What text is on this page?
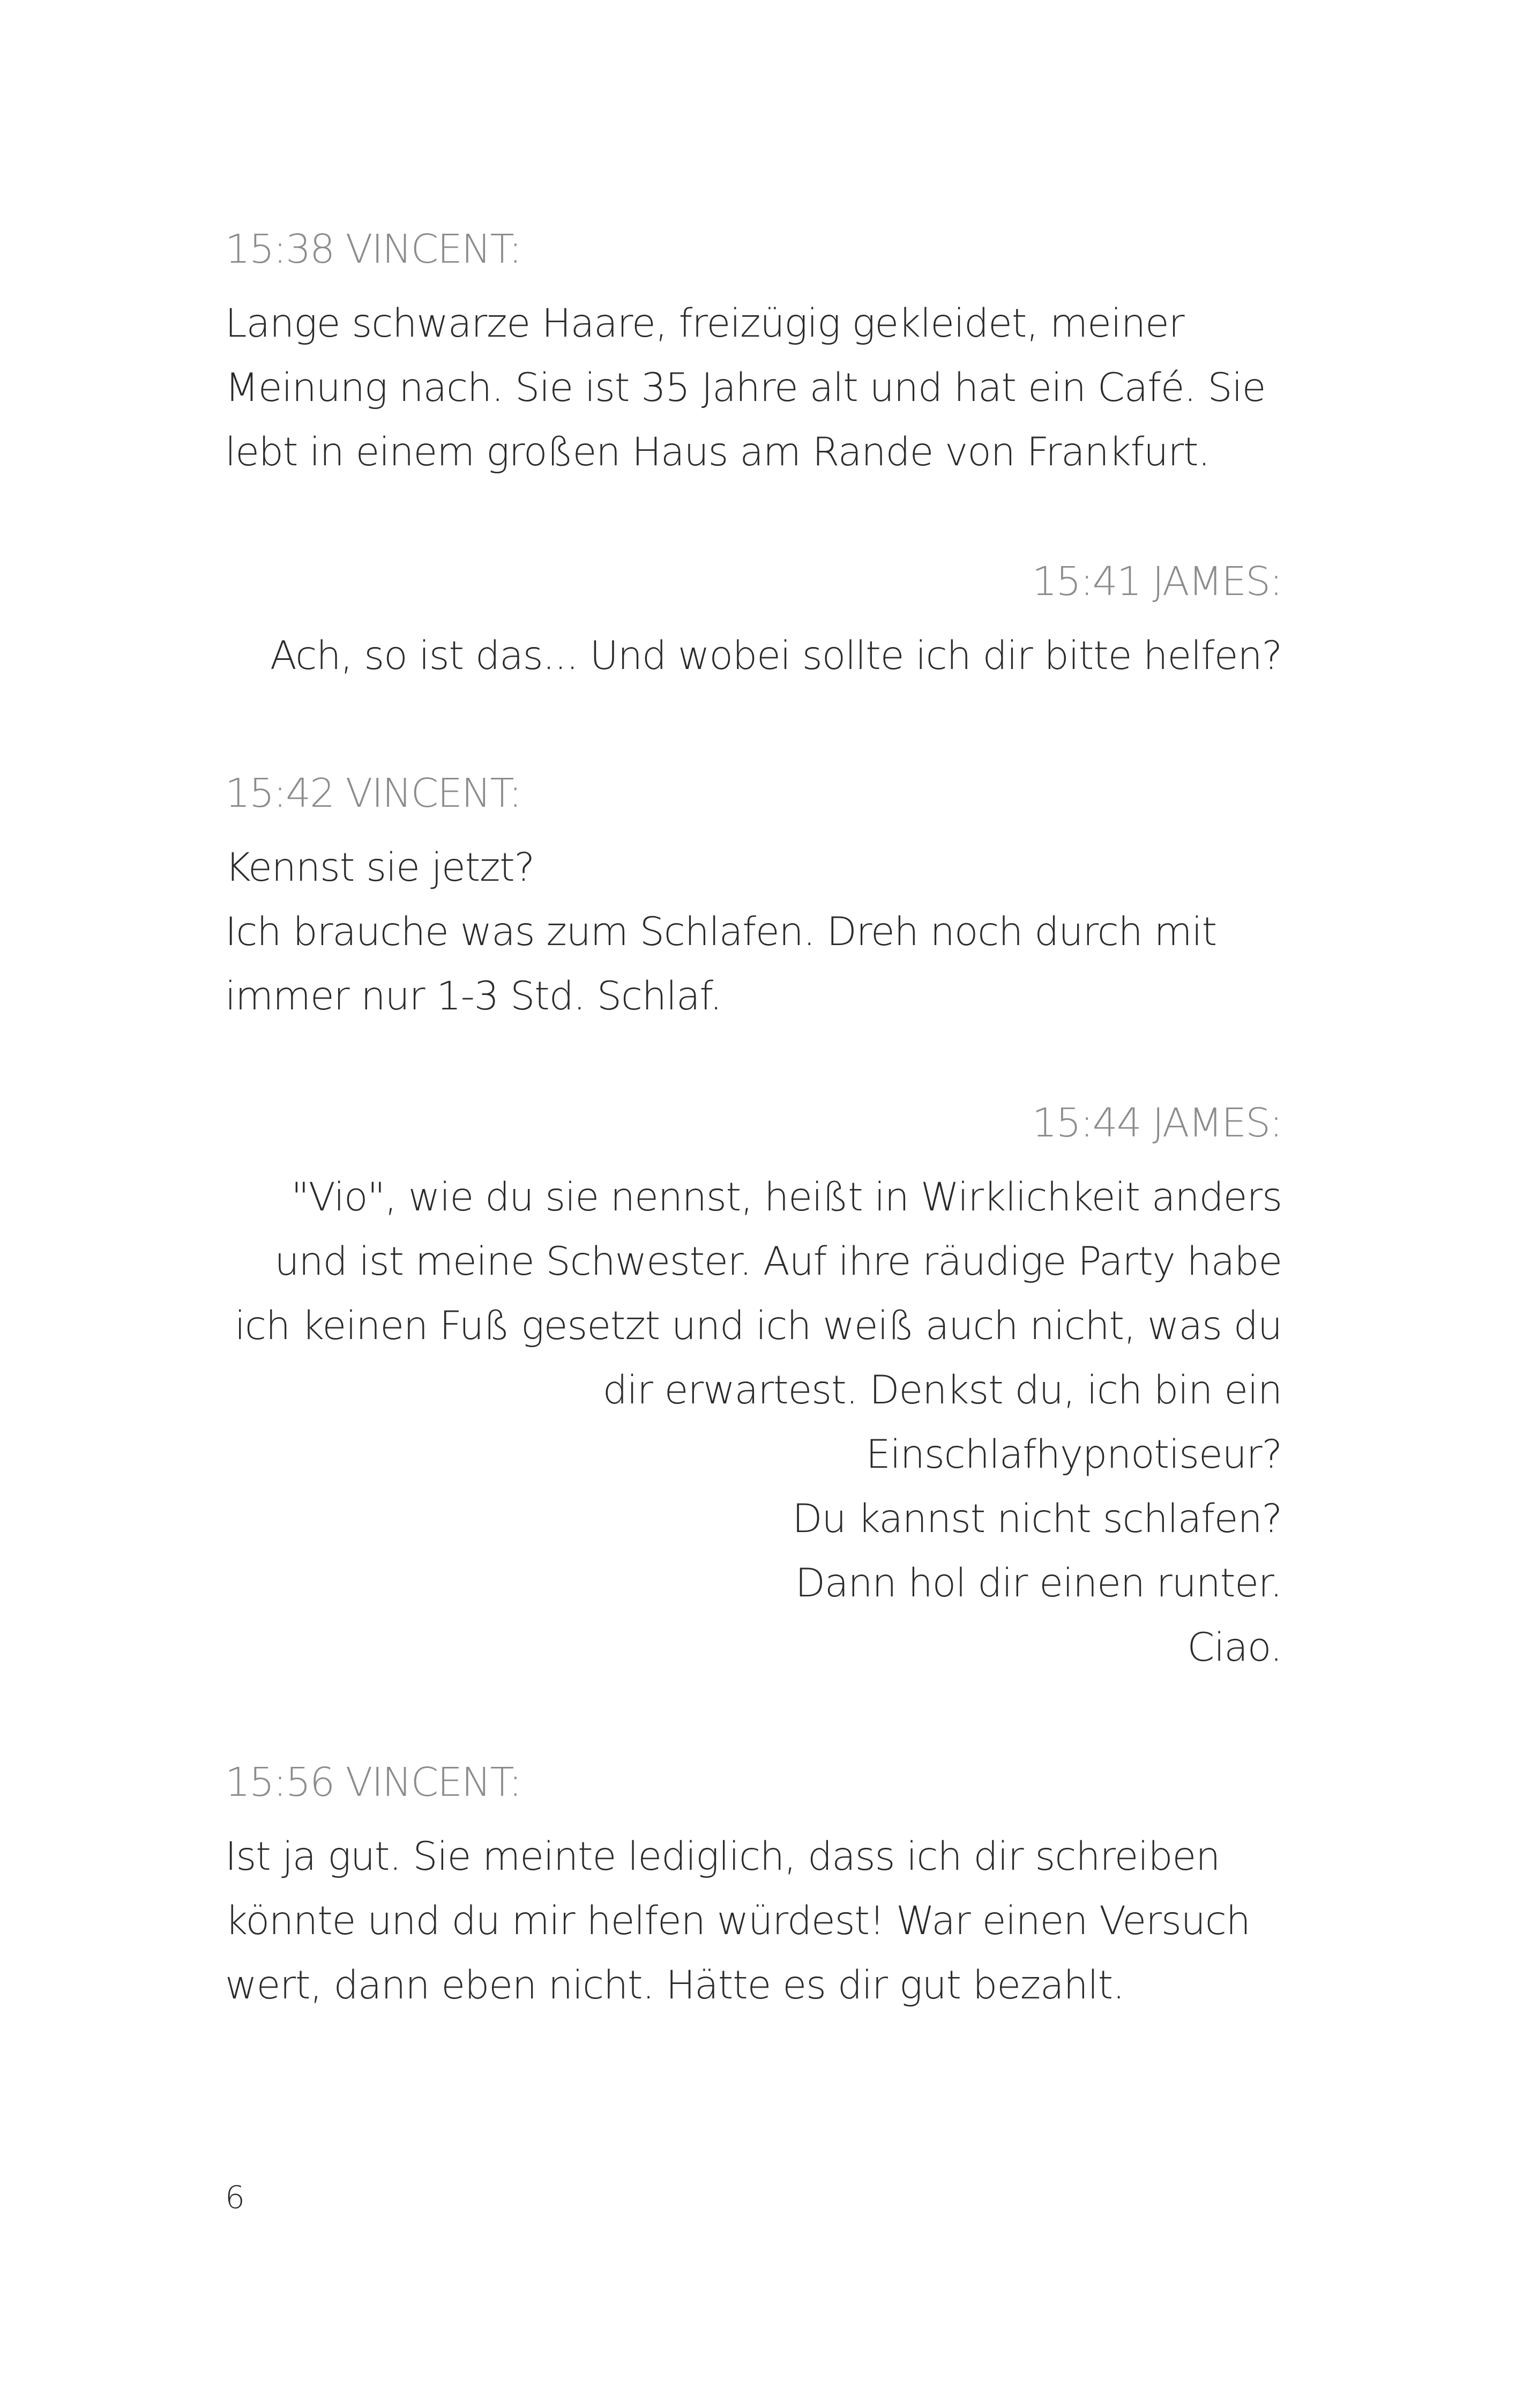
15:38 VINCENT:
Lange schwarze Haare, freizügig gekleidet, meiner
Meinung nach. Sie ist 35 Jahre alt und hat ein Café. Sie
lebt in einem großen Haus am Rande von Frankfurt.
15:41 JAMES:
Ach, so ist das... Und wobei sollte ich dir bitte helfen?
15:42 VINCENT:
Kennst sie jetzt?
Ich brauche was zum Schlafen. Dreh noch durch mit
immer nur 1-3 Std. Schlaf.
15:44 JAMES:
"Vio", wie du sie nennst, heißt in Wirklichkeit anders
und ist meine Schwester. Auf ihre räudige Party habe
ich keinen Fuß gesetzt und ich weiß auch nicht, was du
dir erwartest. Denkst du, ich bin ein
Einschlafhypnotiseur?
Du kannst nicht schlafen?
Dann hol dir einen runter.
Ciao.
15:56 VINCENT:
Ist ja gut. Sie meinte lediglich, dass ich dir schreiben
könnte und du mir helfen würdest! War einen Versuch
wert, dann eben nicht. Hätte es dir gut bezahlt.
6
